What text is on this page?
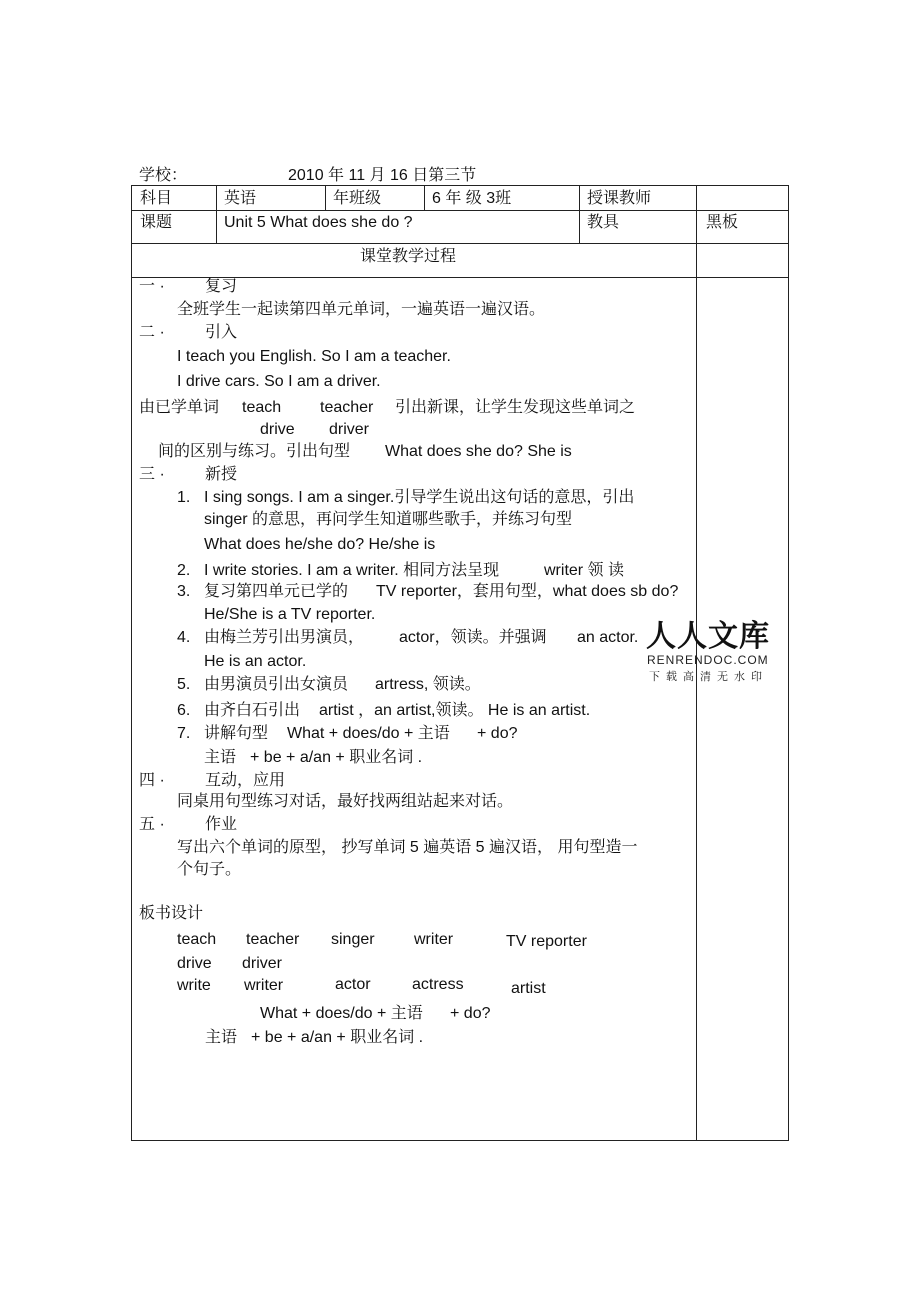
学校：	2010 年 11 月 16 日第三节
科目	英语	年班级	6 年 级 3班	授课教师
课题	Unit 5 What does she do ?	教具	黑板
课堂教学过程
一 ·	复习
全班学生一起读第四单元单词，一遍英语一遍汉语。
二 ·	引入
I teach you English. So I am a teacher.
I drive cars. So I am a driver.
由已学单词 teach teacher 引出新课，让学生发现这些单词之
drive driver
间的区别与练习。引出句型 What does she do? She is
三 ·	新授
1. I sing songs. I am a singer.引导学生说出这句话的意思，引出
singer 的意思，再问学生知道哪些歌手，并练习句型
What does he/she do? He/she is
2. I write stories. I am a writer. 相同方法呈现	writer 领 读
3. 复习第四单元已学的 TV reporter，套用句型，what does sb do?
He/She is a TV reporter.
4. 由梅兰芳引出男演员， actor，领读。并强调 an actor.
He is an actor.
5. 由男演员引出女演员 artress, 领读。
6. 由齐白石引出 artist ，an artist,领读。 He is an artist.
7. 讲解句型 What + does/do + 主语 + do?
主语 + be + a/an + 职业名词 .
四 ·	互动，应用
同桌用句型练习对话，最好找两组站起来对话。
五 ·	作业
写出六个单词的原型， 抄写单词 5 遍英语 5 遍汉语， 用句型造一
个句子。
板书设计
teach teacher singer writer	TV reporter
drive driver
write writer	actor	actress	artist
What + does/do + 主语 + do?
主语 + be + a/an + 职业名词 .
人人文库
RENRENDOC.COM
下载高清无水印
